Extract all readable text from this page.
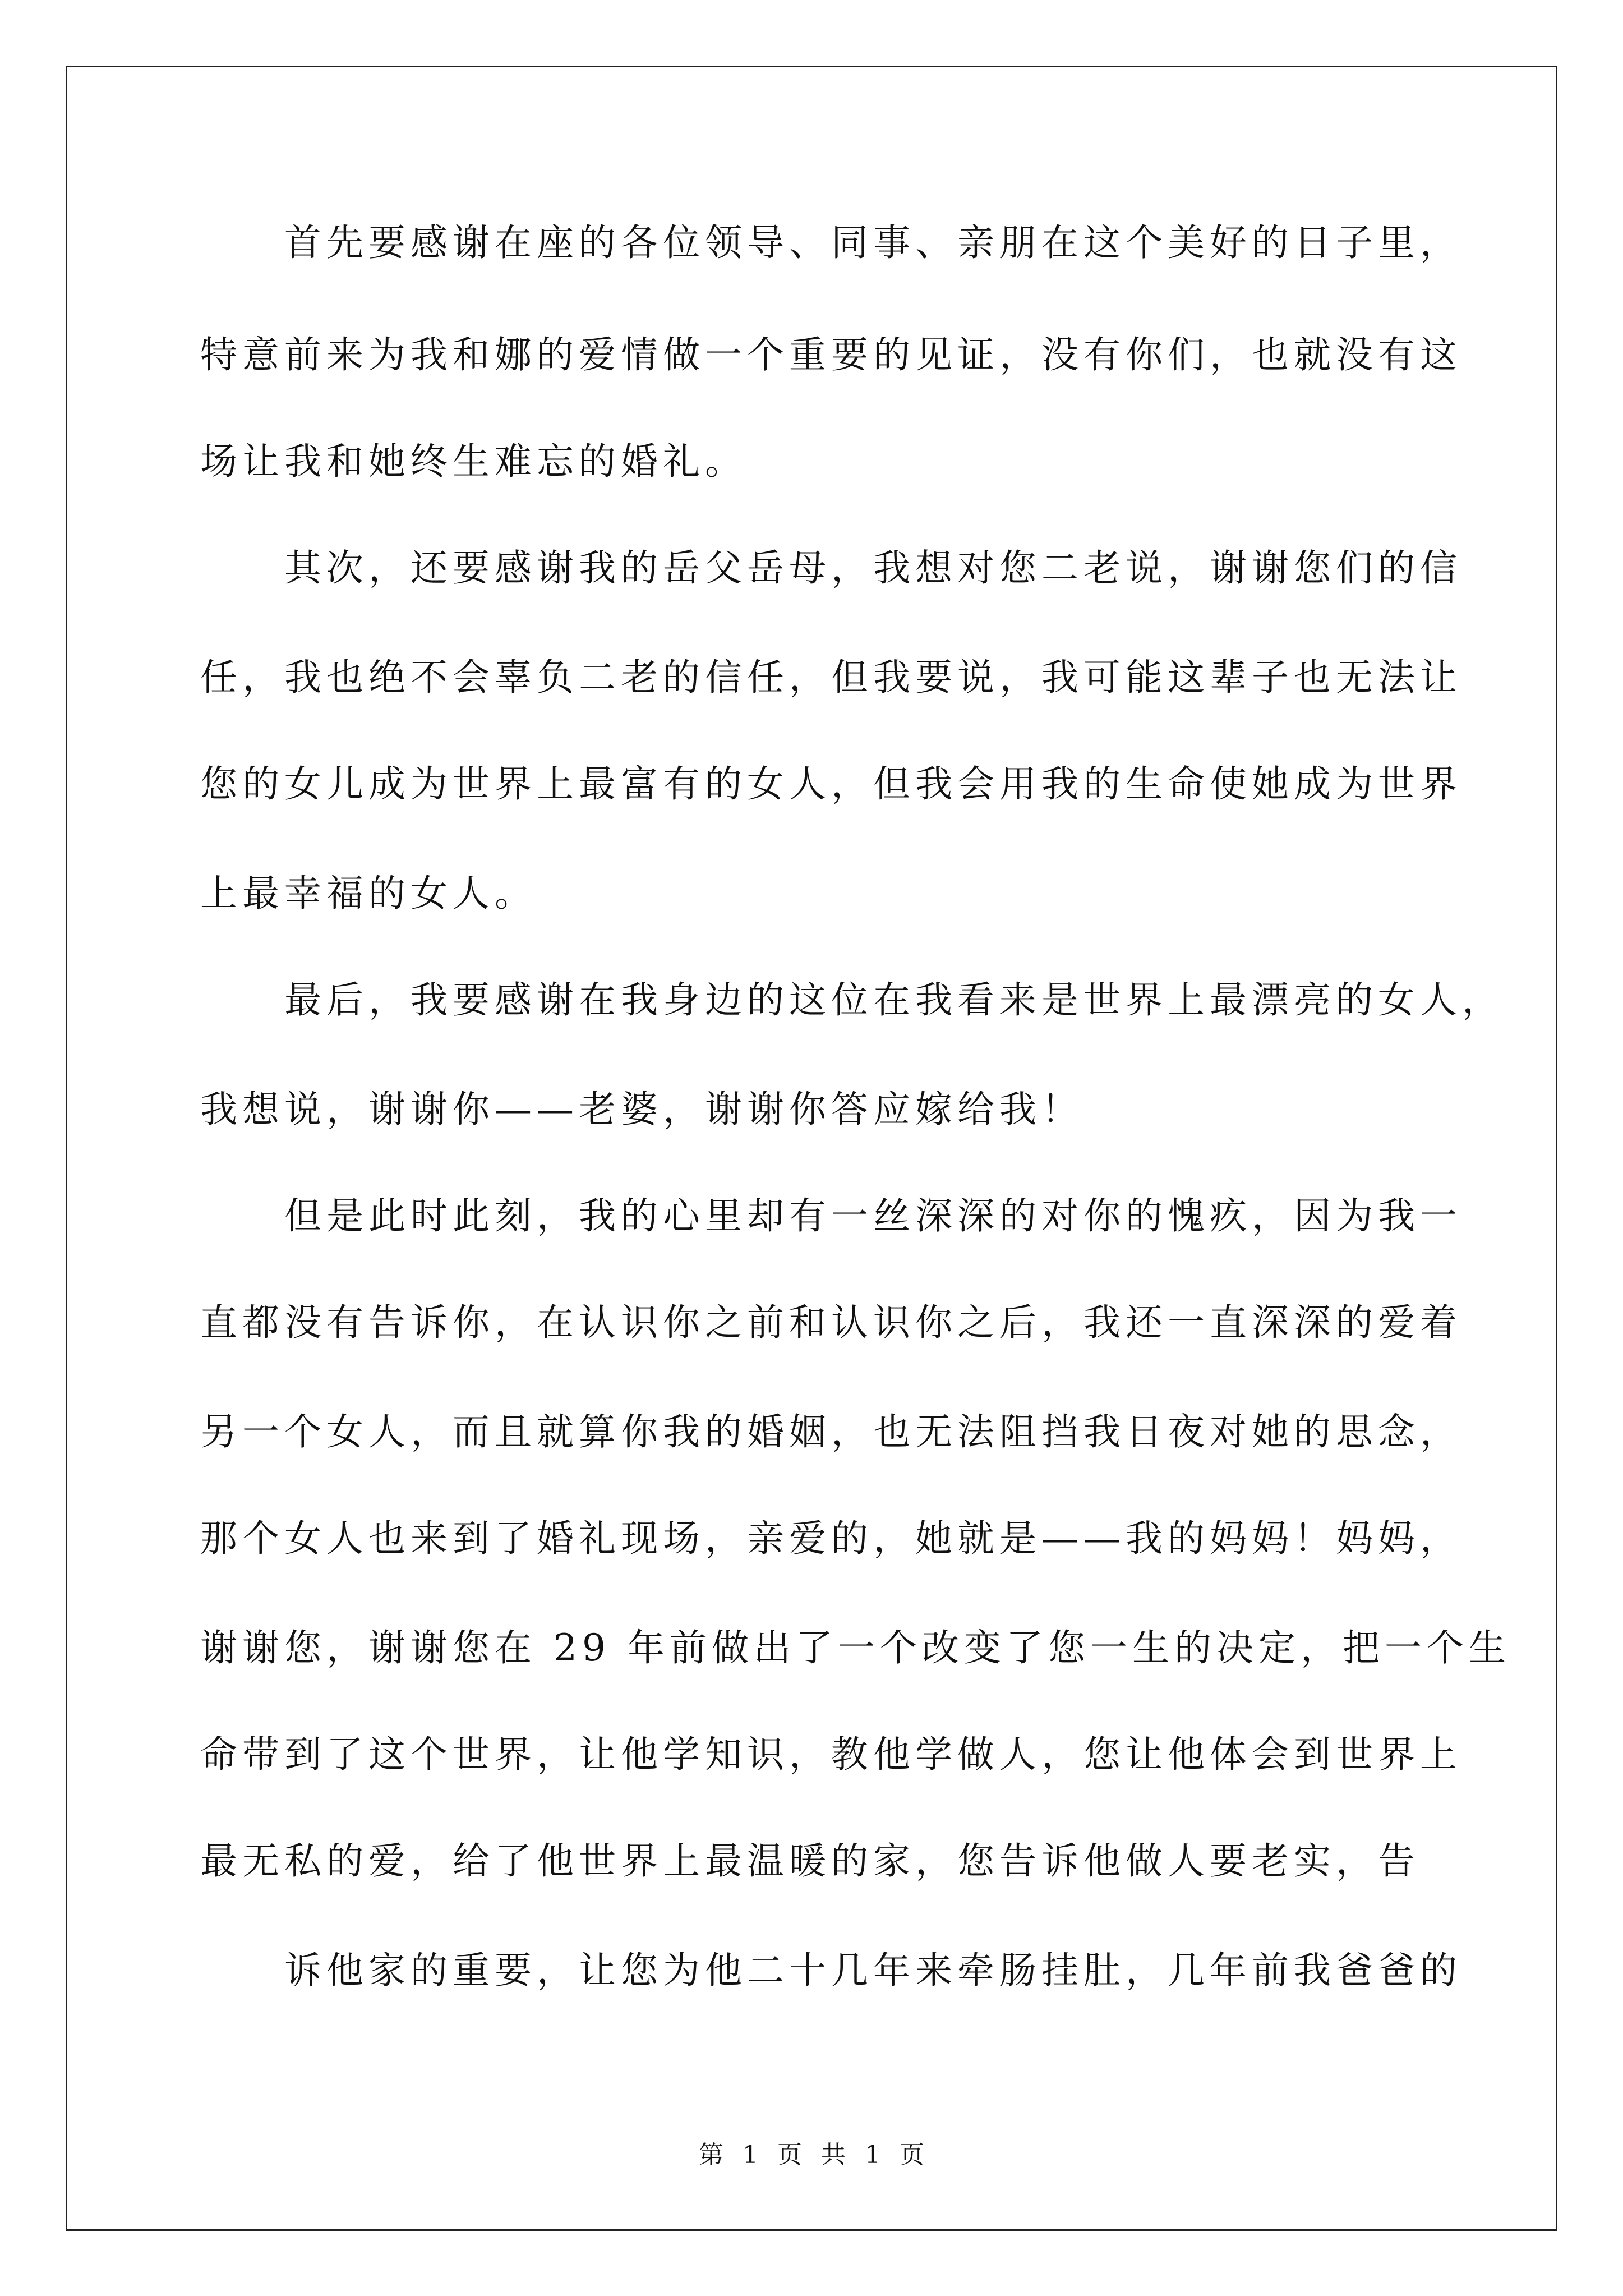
首先要感谢在座的各位领导、同事、亲朋在这个美好的日子里，
特意前来为我和娜的爱情做一个重要的见证，没有你们，也就没有这
场让我和她终生难忘的婚礼。
其次，还要感谢我的岳父岳母，我想对您二老说，谢谢您们的信
任，我也绝不会辜负二老的信任，但我要说，我可能这辈子也无法让
您的女儿成为世界上最富有的女人，但我会用我的生命使她成为世界
上最幸福的女人。
最后，我要感谢在我身边的这位在我看来是世界上最漂亮的女人，
我想说，谢谢你——老婆，谢谢你答应嫁给我！
但是此时此刻，我的心里却有一丝深深的对你的愧疚，因为我一
直都没有告诉你，在认识你之前和认识你之后，我还一直深深的爱着
另一个女人，而且就算你我的婚姻，也无法阻挡我日夜对她的思念，
那个女人也来到了婚礼现场，亲爱的，她就是——我的妈妈！妈妈，
谢谢您，谢谢您在 29 年前做出了一个改变了您一生的决定，把一个生
命带到了这个世界，让他学知识，教他学做人，您让他体会到世界上
最无私的爱，给了他世界上最温暖的家，您告诉他做人要老实，告
诉他家的重要，让您为他二十几年来牵肠挂肚，几年前我爸爸的
第 1 页 共 1 页
